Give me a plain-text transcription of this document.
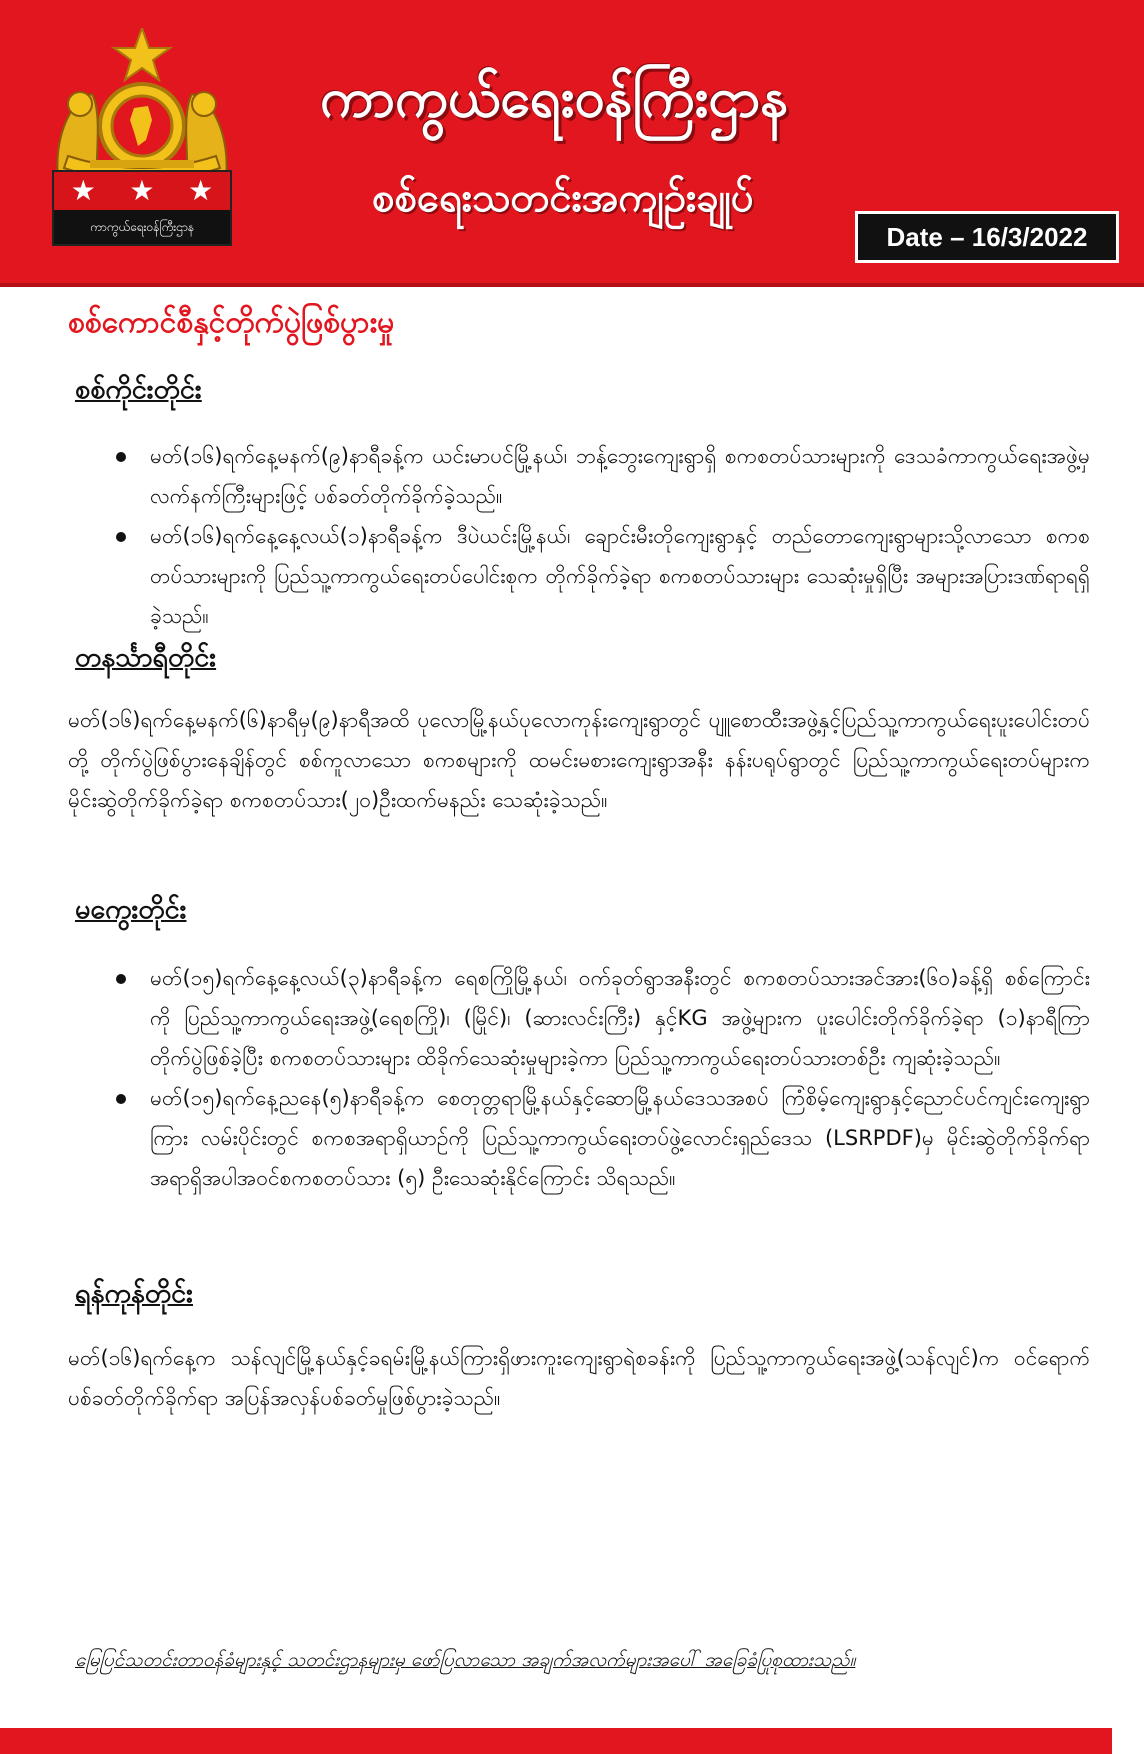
★ ★ ★
ကာကွယ်ရေးဝန်ကြီးဌာန
ကာကွယ်ရေးဝန်ကြီးဌာန
စစ်ရေးသတင်းအကျဉ်းချုပ်
Date – 16/3/2022
စစ်ကောင်စီနှင့်တိုက်ပွဲဖြစ်ပွားမှု
စစ်ကိုင်းတိုင်း
မတ်(၁၆)ရက်နေ့မနက်(၉)နာရီခန့်က ယင်းမာပင်မြို့နယ်၊ ဘန့်ဘွေးကျေးရွာရှိ စကစတပ်သားများကို ဒေသခံကာကွယ်ရေးအဖွဲ့မှ လက်နက်ကြီးများဖြင့် ပစ်ခတ်တိုက်ခိုက်ခဲ့သည်။
မတ်(၁၆)ရက်နေ့နေ့လယ်(၁)နာရီခန့်က ဒီပဲယင်းမြို့နယ်၊ ချောင်းမီးတိုကျေးရွာနှင့် တည်တောကျေးရွာများသို့လာသော စကစတပ်သားများကို ပြည်သူ့ကာကွယ်ရေးတပ်ပေါင်းစုက တိုက်ခိုက်ခဲ့ရာ စကစတပ်သားများ သေဆုံးမှုရှိပြီး အများအပြားဒဏ်ရာရရှိခဲ့သည်။
တနင်္သာရီတိုင်း

မတ်(၁၆)ရက်နေ့မနက်(၆)နာရီမှ(၉)နာရီအထိ ပုလောမြို့နယ်ပုလောကုန်းကျေးရွာတွင် ပျူစောထီးအဖွဲ့နှင့်ပြည်သူ့ကာကွယ်ရေးပူးပေါင်းတပ်တို့ တိုက်ပွဲဖြစ်ပွားနေချိန်တွင် စစ်ကူလာသော စကစများကို ထမင်းမစားကျေးရွာအနီး နန်းပရုပ်ရွာတွင် ပြည်သူ့ကာကွယ်ရေးတပ်များက မိုင်းဆွဲတိုက်ခိုက်ခဲ့ရာ စကစတပ်သား(၂၀)ဦးထက်မနည်း သေဆုံးခဲ့သည်။

မကွေးတိုင်း
မတ်(၁၅)ရက်နေ့နေ့လယ်(၃)နာရီခန့်က ရေစကြိုမြို့နယ်၊ ဝက်ခုတ်ရွာအနီးတွင် စကစတပ်သားအင်အား(၆၀)ခန့်ရှိ စစ်ကြောင်းကို ပြည်သူ့ကာကွယ်ရေးအဖွဲ့(ရေစကြို)၊ (မြိုင်)၊ (ဆားလင်းကြီး) နှင့်KG အဖွဲ့များက ပူးပေါင်းတိုက်ခိုက်ခဲ့ရာ (၁)နာရီကြာ တိုက်ပွဲဖြစ်ခဲ့ပြီး စကစတပ်သားများ ထိခိုက်သေဆုံးမှုများခဲ့ကာ ပြည်သူ့ကာကွယ်ရေးတပ်သားတစ်ဦး ကျဆုံးခဲ့သည်။
မတ်(၁၅)ရက်နေ့ညနေ(၅)နာရီခန့်က စေတုတ္တရာမြို့နယ်နှင့်ဆောမြို့နယ်ဒေသအစပ် ကြံစိမ့်ကျေးရွာနှင့်ညောင်ပင်ကျင်းကျေးရွာကြား လမ်းပိုင်းတွင် စကစအရာရှိယာဉ်ကို ပြည်သူ့ကာကွယ်ရေးတပ်ဖွဲ့လောင်းရှည်ဒေသ (LSRPDF)မှ မိုင်းဆွဲတိုက်ခိုက်ရာ အရာရှိအပါအဝင်စကစတပ်သား (၅) ဦးသေဆုံးနိုင်ကြောင်း သိရသည်။
ရန်ကုန်တိုင်း

မတ်(၁၆)ရက်နေ့က သန်လျင်မြို့နယ်နှင့်ခရမ်းမြို့နယ်ကြားရှိဖားကူးကျေးရွာရဲစခန်းကို ပြည်သူ့ကာကွယ်ရေးအဖွဲ့(သန်လျင်)က ဝင်ရောက်ပစ်ခတ်တိုက်ခိုက်ရာ အပြန်အလှန်ပစ်ခတ်မှုဖြစ်ပွားခဲ့သည်။

မြေပြင်သတင်းတာဝန်ခံများနှင့် သတင်းဌာနများမှ ဖော်ပြလာသော အချက်အလက်များအပေါ် အခြေခံပြုစုထားသည်။
